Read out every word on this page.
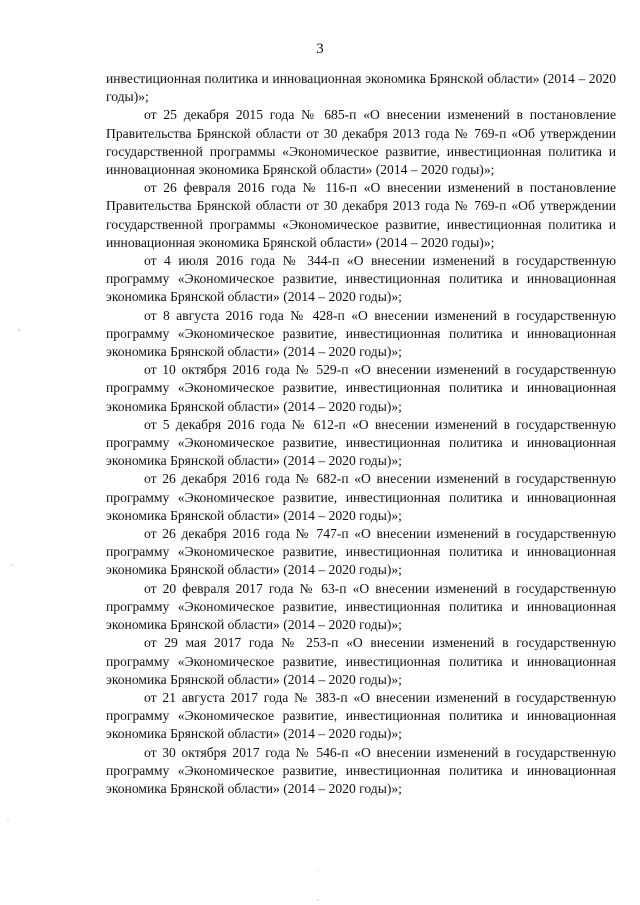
3

инвестиционная политика и инновационная экономика Брянской области» (2014 – 2020 годы)»;

от 25 декабря 2015 года № 685-п «О внесении изменений в постановление Правительства Брянской области от 30 декабря 2013 года № 769-п «Об утверждении государственной программы «Экономическое развитие, инвестиционная политика и инновационная экономика Брянской области» (2014 – 2020 годы)»;

от 26 февраля 2016 года № 116-п «О внесении изменений в постановление Правительства Брянской области от 30 декабря 2013 года № 769-п «Об утверждении государственной программы «Экономическое развитие, инвестиционная политика и инновационная экономика Брянской области» (2014 – 2020 годы)»;

от 4 июля 2016 года № 344-п «О внесении изменений в государственную программу «Экономическое развитие, инвестиционная политика и инновационная экономика Брянской области» (2014 – 2020 годы)»;

от 8 августа 2016 года № 428-п «О внесении изменений в государственную программу «Экономическое развитие, инвестиционная политика и инновационная экономика Брянской области» (2014 – 2020 годы)»;

от 10 октября 2016 года № 529-п «О внесении изменений в государственную программу «Экономическое развитие, инвестиционная политика и инновационная экономика Брянской области» (2014 – 2020 годы)»;

от 5 декабря 2016 года № 612-п «О внесении изменений в государственную программу «Экономическое развитие, инвестиционная политика и инновационная экономика Брянской области» (2014 – 2020 годы)»;

от 26 декабря 2016 года № 682-п «О внесении изменений в государственную программу «Экономическое развитие, инвестиционная политика и инновационная экономика Брянской области» (2014 – 2020 годы)»;

от 26 декабря 2016 года № 747-п «О внесении изменений в государственную программу «Экономическое развитие, инвестиционная политика и инновационная экономика Брянской области» (2014 – 2020 годы)»;

от 20 февраля 2017 года № 63-п «О внесении изменений в государственную программу «Экономическое развитие, инвестиционная политика и инновационная экономика Брянской области» (2014 – 2020 годы)»;

от 29 мая 2017 года № 253-п «О внесении изменений в государственную программу «Экономическое развитие, инвестиционная политика и инновационная экономика Брянской области» (2014 – 2020 годы)»;

от 21 августа 2017 года № 383-п «О внесении изменений в государственную программу «Экономическое развитие, инвестиционная политика и инновационная экономика Брянской области» (2014 – 2020 годы)»;

от 30 октября 2017 года № 546-п «О внесении изменений в государственную программу «Экономическое развитие, инвестиционная политика и инновационная экономика Брянской области» (2014 – 2020 годы)»;
